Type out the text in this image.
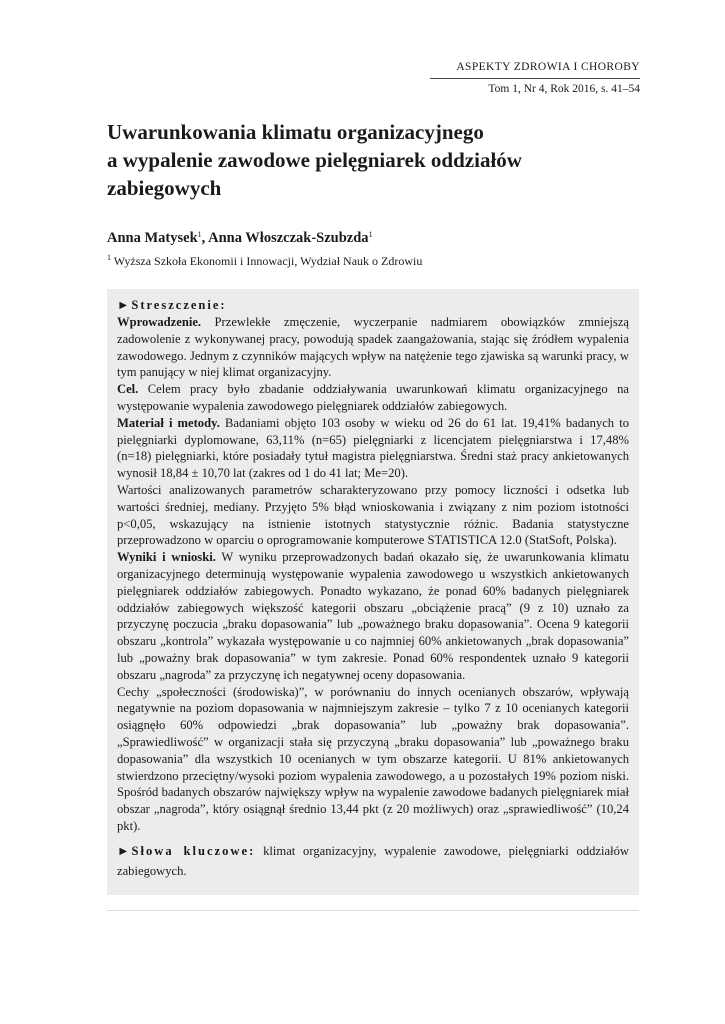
ASPEKTY ZDROWIA I CHOROBY
Tom 1, Nr 4, Rok 2016, s. 41–54
Uwarunkowania klimatu organizacyjnego
a wypalenie zawodowe pielęgniarek oddziałów
zabiegowych
Anna Matysek$^1$, Anna Włoszczak-Szubzda$^1$
$^1$ Wyższa Szkoła Ekonomii i Innowacji, Wydział Nauk o Zdrowiu
►Streszczenie:
Wprowadzenie. Przewlekłe zmęczenie, wyczerpanie nadmiarem obowiązków zmniejszą zadowolenie z wykonywanej pracy, powodują spadek zaangażowania, stając się źródłem wypalenia zawodowego. Jednym z czynników mających wpływ na natężenie tego zjawiska są warunki pracy, w tym panujący w niej klimat organizacyjny.
Cel. Celem pracy było zbadanie oddziaływania uwarunkowań klimatu organizacyjnego na występowanie wypalenia zawodowego pielęgniarek oddziałów zabiegowych.
Materiał i metody. Badaniami objęto 103 osoby w wieku od 26 do 61 lat. 19,41% badanych to pielęgniarki dyplomowane, 63,11% (n=65) pielęgniarki z licencjatem pielęgniarstwa i 17,48% (n=18) pielęgniarki, które posiadały tytuł magistra pielęgniarstwa. Średni staż pracy ankietowanych wynosił 18,84 ± 10,70 lat (zakres od 1 do 41 lat; Me=20).
Wartości analizowanych parametrów scharakteryzowano przy pomocy liczności i odsetka lub wartości średniej, mediany. Przyjęto 5% błąd wnioskowania i związany z nim poziom istotności p<0,05, wskazujący na istnienie istotnych statystycznie różnic. Badania statystyczne przeprowadzono w oparciu o oprogramowanie komputerowe STATISTICA 12.0 (StatSoft, Polska).
Wyniki i wnioski. W wyniku przeprowadzonych badań okazało się, że uwarunkowania klimatu organizacyjnego determinują występowanie wypalenia zawodowego u wszystkich ankietowanych pielęgniarek oddziałów zabiegowych. Ponadto wykazano, że ponad 60% badanych pielęgniarek oddziałów zabiegowych większość kategorii obszaru „obciążenie pracą” (9 z 10) uznało za przyczynę poczucia „braku dopasowania” lub „poważnego braku dopasowania”. Ocena 9 kategorii obszaru „kontrola” wykazała występowanie u co najmniej 60% ankietowanych „brak dopasowania” lub „poważny brak dopasowania” w tym zakresie. Ponad 60% respondentek uznało 9 kategorii obszaru „nagroda” za przyczynę ich negatywnej oceny dopasowania.
Cechy „społeczności (środowiska)”, w porównaniu do innych ocenianych obszarów, wpływają negatywnie na poziom dopasowania w najmniejszym zakresie – tylko 7 z 10 ocenianych kategorii osiągnęło 60% odpowiedzi „brak dopasowania” lub „poważny brak dopasowania”. „Sprawiedliwość” w organizacji stała się przyczyną „braku dopasowania” lub „poważnego braku dopasowania” dla wszystkich 10 ocenianych w tym obszarze kategorii. U 81% ankietowanych stwierdzono przeciętny/wysoki poziom wypalenia zawodowego, a u pozostałych 19% poziom niski. Spośród badanych obszarów największy wpływ na wypalenie zawodowe badanych pielęgniarek miał obszar „nagroda”, który osiągnął średnio 13,44 pkt (z 20 możliwych) oraz „sprawiedliwość” (10,24 pkt).
►Słowa kluczowe: klimat organizacyjny, wypalenie zawodowe, pielęgniarki oddziałów zabiegowych.
